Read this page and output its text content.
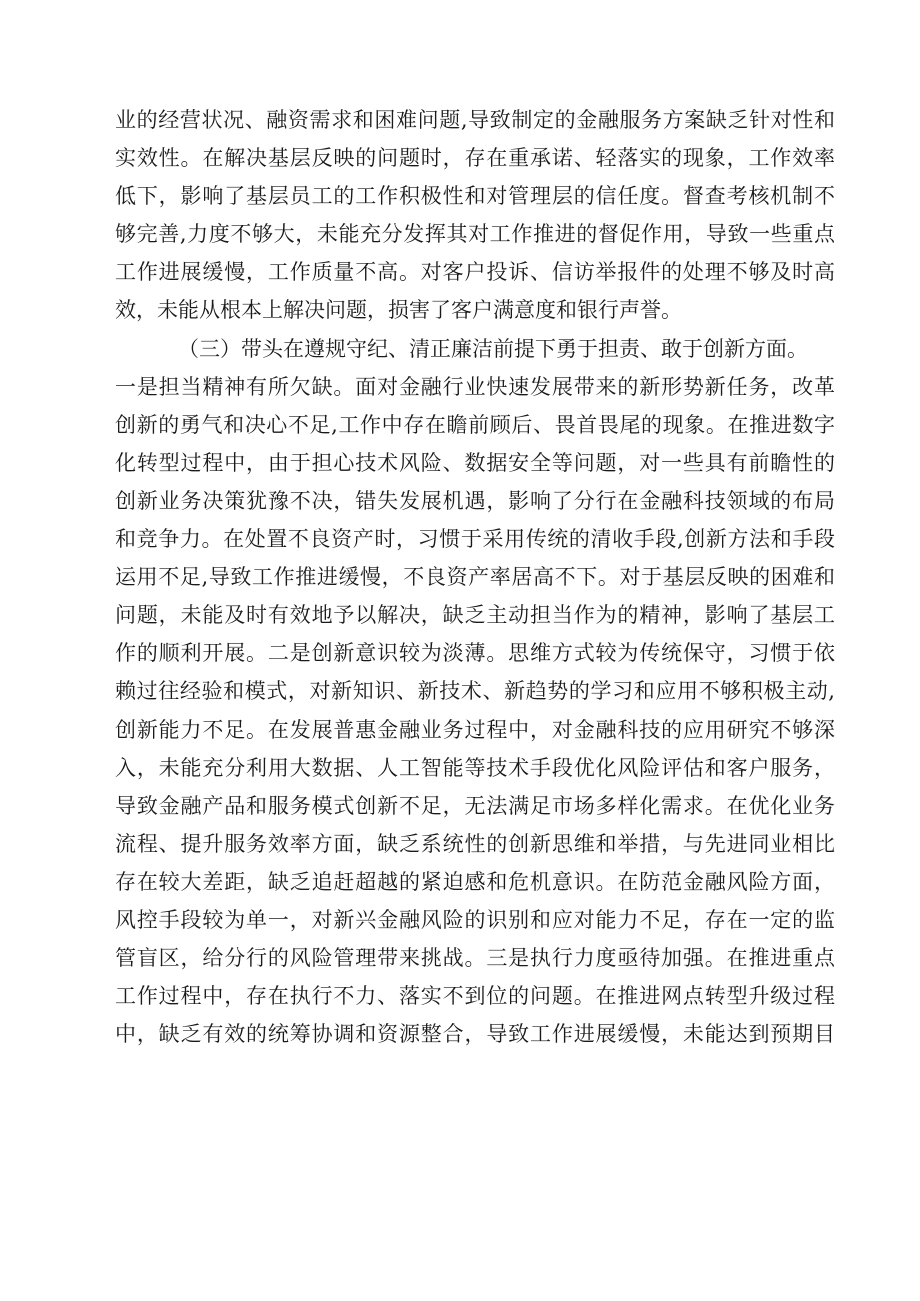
业的经营状况、融资需求和困难问题,导致制定的金融服务方案缺乏针对性和
实效性。在解决基层反映的问题时，存在重承诺、轻落实的现象，工作效率
低下，影响了基层员工的工作积极性和对管理层的信任度。督查考核机制不
够完善,力度不够大，未能充分发挥其对工作推进的督促作用，导致一些重点
工作进展缓慢，工作质量不高。对客户投诉、信访举报件的处理不够及时高
效，未能从根本上解决问题，损害了客户满意度和银行声誉。
（三）带头在遵规守纪、清正廉洁前提下勇于担责、敢于创新方面。
一是担当精神有所欠缺。面对金融行业快速发展带来的新形势新任务，改革
创新的勇气和决心不足,工作中存在瞻前顾后、畏首畏尾的现象。在推进数字
化转型过程中，由于担心技术风险、数据安全等问题，对一些具有前瞻性的
创新业务决策犹豫不决，错失发展机遇，影响了分行在金融科技领域的布局
和竞争力。在处置不良资产时，习惯于采用传统的清收手段,创新方法和手段
运用不足,导致工作推进缓慢，不良资产率居高不下。对于基层反映的困难和
问题，未能及时有效地予以解决，缺乏主动担当作为的精神，影响了基层工
作的顺利开展。二是创新意识较为淡薄。思维方式较为传统保守，习惯于依
赖过往经验和模式，对新知识、新技术、新趋势的学习和应用不够积极主动,
创新能力不足。在发展普惠金融业务过程中，对金融科技的应用研究不够深
入，未能充分利用大数据、人工智能等技术手段优化风险评估和客户服务，
导致金融产品和服务模式创新不足，无法满足市场多样化需求。在优化业务
流程、提升服务效率方面，缺乏系统性的创新思维和举措，与先进同业相比
存在较大差距，缺乏追赶超越的紧迫感和危机意识。在防范金融风险方面，
风控手段较为单一，对新兴金融风险的识别和应对能力不足，存在一定的监
管盲区，给分行的风险管理带来挑战。三是执行力度亟待加强。在推进重点
工作过程中，存在执行不力、落实不到位的问题。在推进网点转型升级过程
中，缺乏有效的统筹协调和资源整合，导致工作进展缓慢，未能达到预期目
